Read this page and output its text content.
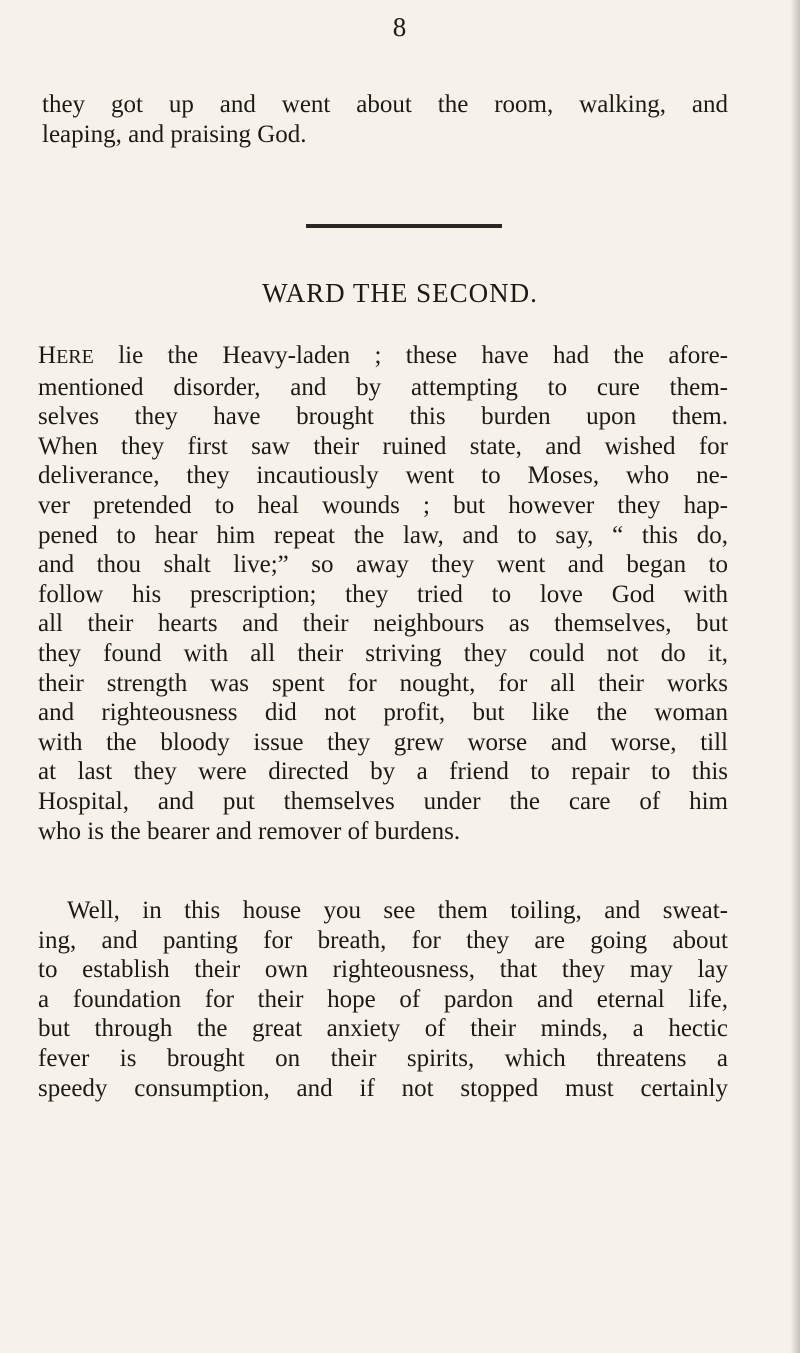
8
they got up and went about the room, walking, and
leaping, and praising God.
WARD THE SECOND.
HERE lie the Heavy-laden ; these have had the afore-
mentioned disorder, and by attempting to cure them-
selves they have brought this burden upon them.
When they first saw their ruined state, and wished for
deliverance, they incautiously went to Moses, who ne-
ver pretended to heal wounds ; but however they hap-
pened to hear him repeat the law, and to say, “ this do,
and thou shalt live;” so away they went and began to
follow his prescription; they tried to love God with
all their hearts and their neighbours as themselves, but
they found with all their striving they could not do it,
their strength was spent for nought, for all their works
and righteousness did not profit, but like the woman
with the bloody issue they grew worse and worse, till
at last they were directed by a friend to repair to this
Hospital, and put themselves under the care of him
who is the bearer and remover of burdens.
Well, in this house you see them toiling, and sweat-
ing, and panting for breath, for they are going about
to establish their own righteousness, that they may lay
a foundation for their hope of pardon and eternal life,
but through the great anxiety of their minds, a hectic
fever is brought on their spirits, which threatens a
speedy consumption, and if not stopped must certainly
